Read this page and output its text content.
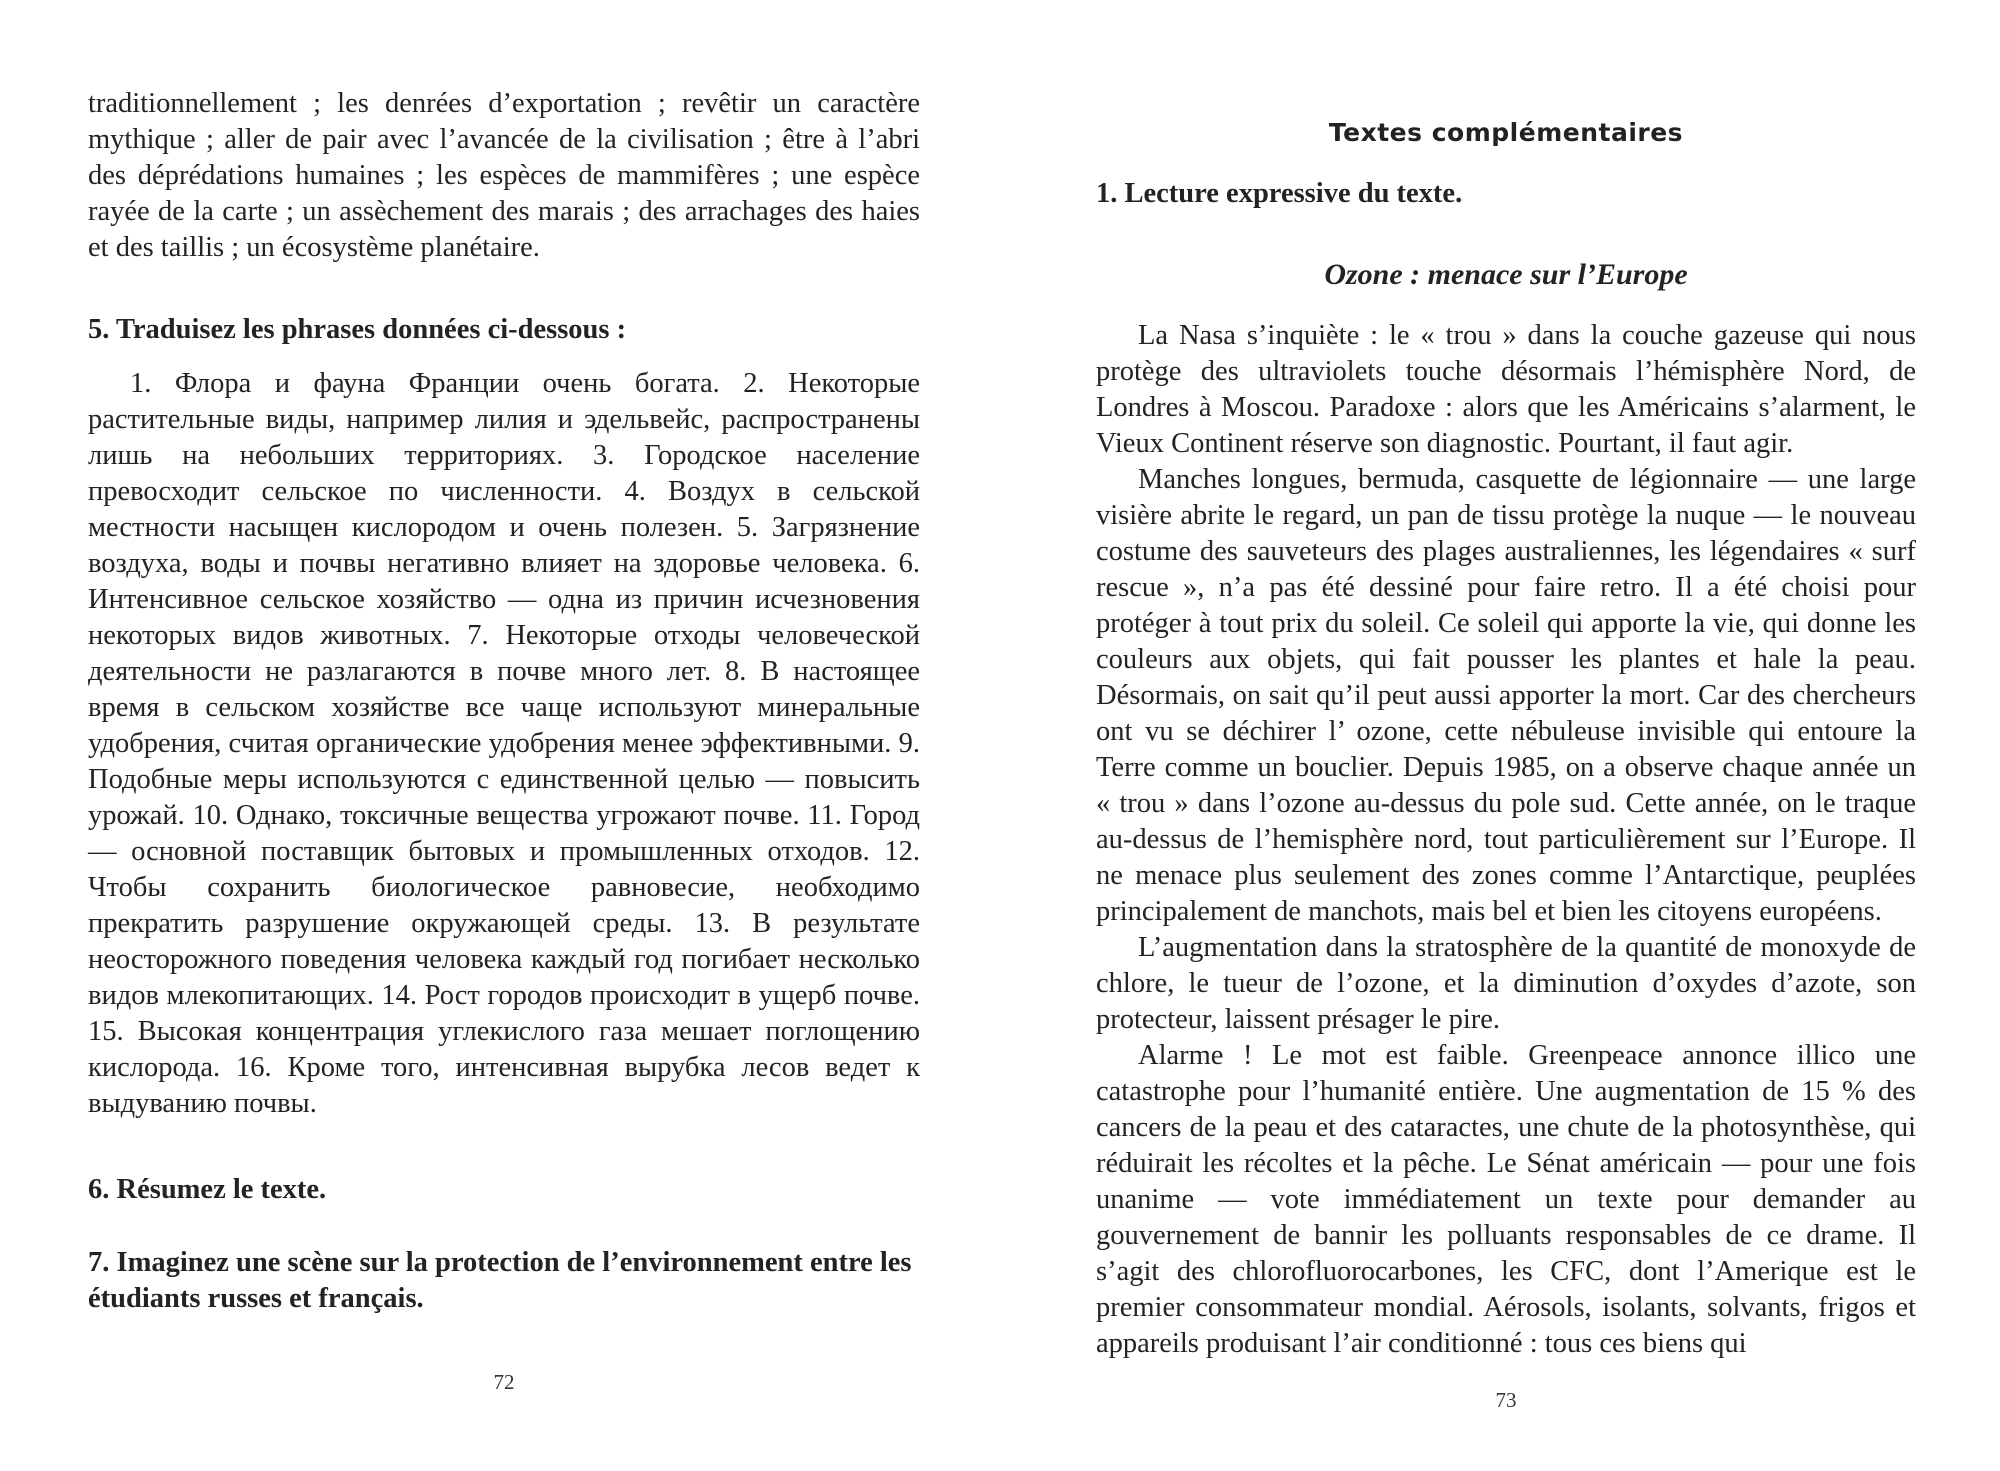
traditionnellement ; les denrées d’exportation ; revêtir un caractère mythique ; aller de pair avec l’avancée de la civilisation ; être à l’abri des déprédations humaines ; les espèces de mammifères ; une espèce rayée de la carte ; un assèchement des marais ; des arrachages des haies et des taillis ; un écosystème planétaire.

5. Traduisez les phrases données ci-dessous :

1. Флора и фауна Франции очень богата. 2. Некоторые растительные виды, например лилия и эдельвейс, распространены лишь на небольших территориях. 3. Городское население превосходит сельское по численности. 4. Воздух в сельской местности насыщен кислородом и очень полезен. 5. Загрязнение воздуха, воды и почвы негативно влияет на здоровье человека. 6. Интенсивное сельское хозяйство — одна из причин исчезновения некоторых видов животных. 7. Некоторые отходы человеческой деятельности не разлагаются в почве много лет. 8. В настоящее время в сельском хозяйстве все чаще используют минеральные удобрения, считая органические удобрения менее эффективными. 9. Подобные меры используются с единственной целью — повысить урожай. 10. Однако, токсичные вещества угрожают почве. 11. Город — основной поставщик бытовых и промышленных отходов. 12. Чтобы сохранить биологическое равновесие, необходимо прекратить разрушение окружающей среды. 13. В результате неосторожного поведения человека каждый год погибает несколько видов млекопитающих. 14. Рост городов происходит в ущерб почве. 15. Высокая концентрация углекислого газа мешает поглощению кислорода. 16. Кроме того, интенсивная вырубка лесов ведет к выдуванию почвы.

6. Résumez le texte.

7. Imaginez une scène sur la protection de l’environnement entre les étudiants russes et français.

72
Textes complémentaires

1. Lecture expressive du texte.

Ozone : menace sur l’Europe

La Nasa s’inquiète : le « trou » dans la couche gazeuse qui nous protège des ultraviolets touche désormais l’hémisphère Nord, de Londres à Moscou. Paradoxe : alors que les Américains s’alarment, le Vieux Continent réserve son diagnostic. Pourtant, il faut agir.

Manches longues, bermuda, casquette de légionnaire — une large visière abrite le regard, un pan de tissu protège la nuque — le nouveau costume des sauveteurs des plages australiennes, les légendaires « surf rescue », n’a pas été dessiné pour faire retro. Il a été choisi pour protéger à tout prix du soleil. Ce soleil qui apporte la vie, qui donne les couleurs aux objets, qui fait pousser les plantes et hale la peau. Désormais, on sait qu’il peut aussi apporter la mort. Car des chercheurs ont vu se déchirer l’ ozone, cette nébuleuse invisible qui entoure la Terre comme un bouclier. Depuis 1985, on a observe chaque année un « trou » dans l’ozone au-dessus du pole sud. Cette année, on le traque au-dessus de l’hemisphère nord, tout particulièrement sur l’Europe. Il ne menace plus seulement des zones comme l’Antarctique, peuplées principalement de manchots, mais bel et bien les citoyens européens.

L’augmentation dans la stratosphère de la quantité de monoxyde de chlore, le tueur de l’ozone, et la diminution d’oxydes d’azote, son protecteur, laissent présager le pire.

Alarme ! Le mot est faible. Greenpeace annonce illico une catastrophe pour l’humanité entière. Une augmentation de 15 % des cancers de la peau et des cataractes, une chute de la photosynthèse, qui réduirait les récoltes et la pêche. Le Sénat américain — pour une fois unanime — vote immédiatement un texte pour demander au gouvernement de bannir les polluants responsables de ce drame. Il s’agit des chlorofluorocarbones, les CFC, dont l’Amerique est le premier consommateur mondial. Aérosols, isolants, solvants, frigos et appareils produisant l’air conditionné : tous ces biens qui

73
